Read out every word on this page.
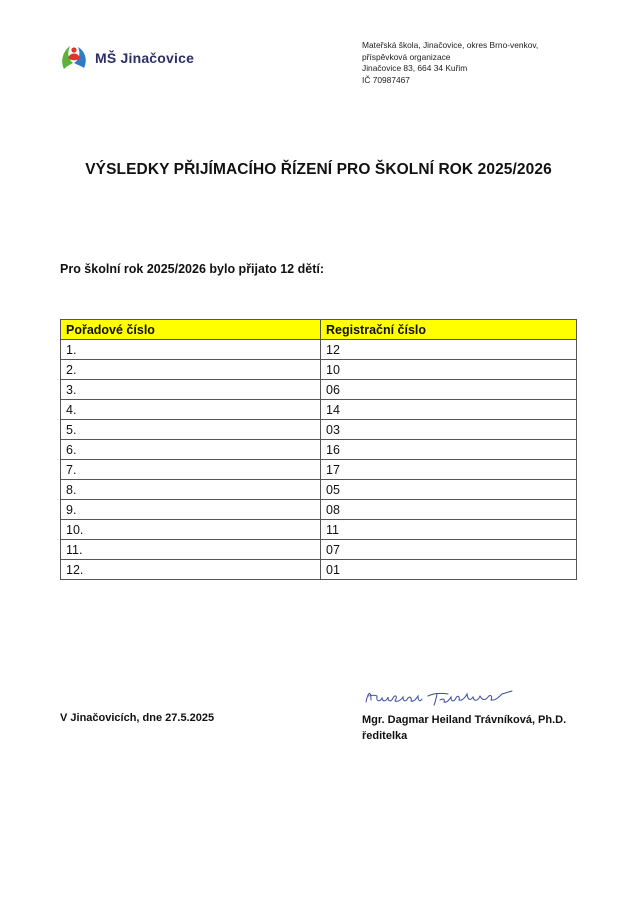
MŠ Jinačovice
Mateřská škola, Jinačovice, okres Brno-venkov,
příspěvková organizace
Jinačovice 83, 664 34 Kuřim
IČ 70987467
VÝSLEDKY PŘIJÍMACÍHO ŘÍZENÍ PRO ŠKOLNÍ ROK 2025/2026
Pro školní rok 2025/2026 bylo přijato 12 dětí:
Pořadové číslo	Registrační číslo
1.	12
2.	10
3.	06
4.	14
5.	03
6.	16
7.	17
8.	05
9.	08
10.	11
11.	07
12.	01
V Jinačovicích, dne 27.5.2025	Mgr. Dagmar Heiland Trávníková, Ph.D.
ředitelka
